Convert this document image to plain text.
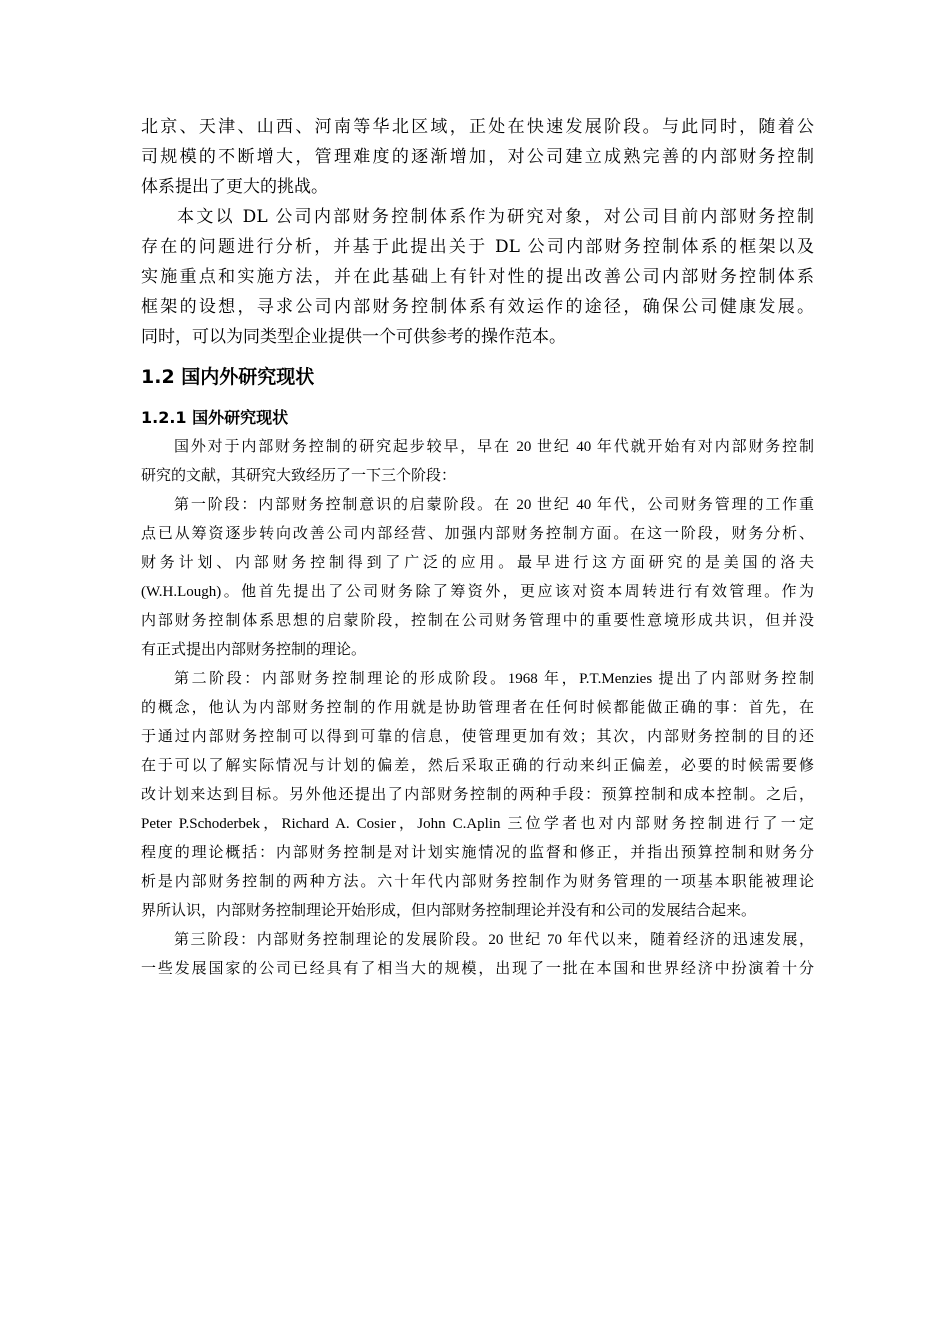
北京、天津、山西、河南等华北区域，正处在快速发展阶段。与此同时，随着公
司规模的不断增大，管理难度的逐渐增加，对公司建立成熟完善的内部财务控制
体系提出了更大的挑战。
本文以 DL 公司内部财务控制体系作为研究对象，对公司目前内部财务控制
存在的问题进行分析，并基于此提出关于 DL 公司内部财务控制体系的框架以及
实施重点和实施方法，并在此基础上有针对性的提出改善公司内部财务控制体系
框架的设想，寻求公司内部财务控制体系有效运作的途径，确保公司健康发展。
同时，可以为同类型企业提供一个可供参考的操作范本。
1.2 国内外研究现状
1.2.1 国外研究现状
国外对于内部财务控制的研究起步较早，早在 20 世纪 40 年代就开始有对内部财务控制
研究的文献，其研究大致经历了一下三个阶段：
第一阶段：内部财务控制意识的启蒙阶段。在 20 世纪 40 年代，公司财务管理的工作重
点已从筹资逐步转向改善公司内部经营、加强内部财务控制方面。在这一阶段，财务分析、
财务计划、内部财务控制得到了广泛的应用。最早进行这方面研究的是美国的洛夫
(W.H.Lough)。他首先提出了公司财务除了筹资外，更应该对资本周转进行有效管理。作为
内部财务控制体系思想的启蒙阶段，控制在公司财务管理中的重要性意境形成共识，但并没
有正式提出内部财务控制的理论。
第二阶段：内部财务控制理论的形成阶段。1968 年，P.T.Menzies 提出了内部财务控制
的概念，他认为内部财务控制的作用就是协助管理者在任何时候都能做正确的事：首先，在
于通过内部财务控制可以得到可靠的信息，使管理更加有效；其次，内部财务控制的目的还
在于可以了解实际情况与计划的偏差，然后采取正确的行动来纠正偏差，必要的时候需要修
改计划来达到目标。另外他还提出了内部财务控制的两种手段：预算控制和成本控制。之后，
Peter P.Schoderbek，Richard A. Cosier，John C.Aplin 三位学者也对内部财务控制进行了一定
程度的理论概括：内部财务控制是对计划实施情况的监督和修正，并指出预算控制和财务分
析是内部财务控制的两种方法。六十年代内部财务控制作为财务管理的一项基本职能被理论
界所认识，内部财务控制理论开始形成，但内部财务控制理论并没有和公司的发展结合起来。
第三阶段：内部财务控制理论的发展阶段。20 世纪 70 年代以来，随着经济的迅速发展，
一些发展国家的公司已经具有了相当大的规模，出现了一批在本国和世界经济中扮演着十分
